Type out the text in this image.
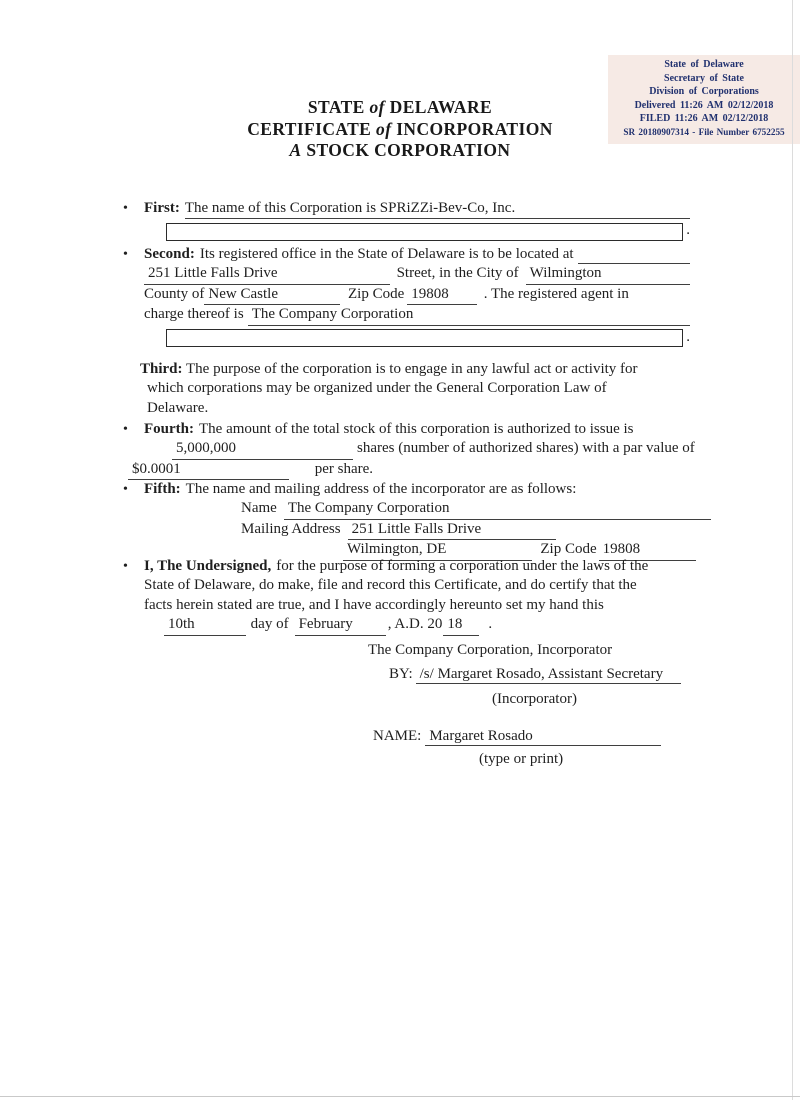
State of Delaware
Secretary of State
Division of Corporations
Delivered 11:26 AM 02/12/2018
FILED 11:26 AM 02/12/2018
SR 20180907314 - File Number 6752255
STATE of DELAWARE
CERTIFICATE of INCORPORATION
A STOCK CORPORATION
•
First: The name of this Corporation is SPRiZZi-Bev-Co, Inc.
.
•
Second: Its registered office in the State of Delaware is to be located at
251 Little Falls Drive	Street, in the City of Wilmington
County of New Castle	Zip Code 19808	. The registered agent in
charge thereof is The Company Corporation
.
Third: The purpose of the corporation is to engage in any lawful act or activity for
which corporations may be organized under the General Corporation Law of
Delaware.
•
Fourth: The amount of the total stock of this corporation is authorized to issue is
5,000,000	shares (number of authorized shares) with a par value of
$0.0001	per share.
•
Fifth: The name and mailing address of the incorporator are as follows:
Name The Company Corporation
Mailing Address 251 Little Falls Drive
Wilmington, DE	Zip Code 19808
•
I, The Undersigned, for the purpose of forming a corporation under the laws of the
State of Delaware, do make, file and record this Certificate, and do certify that the
facts herein stated are true, and I have accordingly hereunto set my hand this
10th	day of February	, A.D. 20 18	.
The Company Corporation, Incorporator
BY: /s/ Margaret Rosado, Assistant Secretary
(Incorporator)
NAME: Margaret Rosado
(type or print)
